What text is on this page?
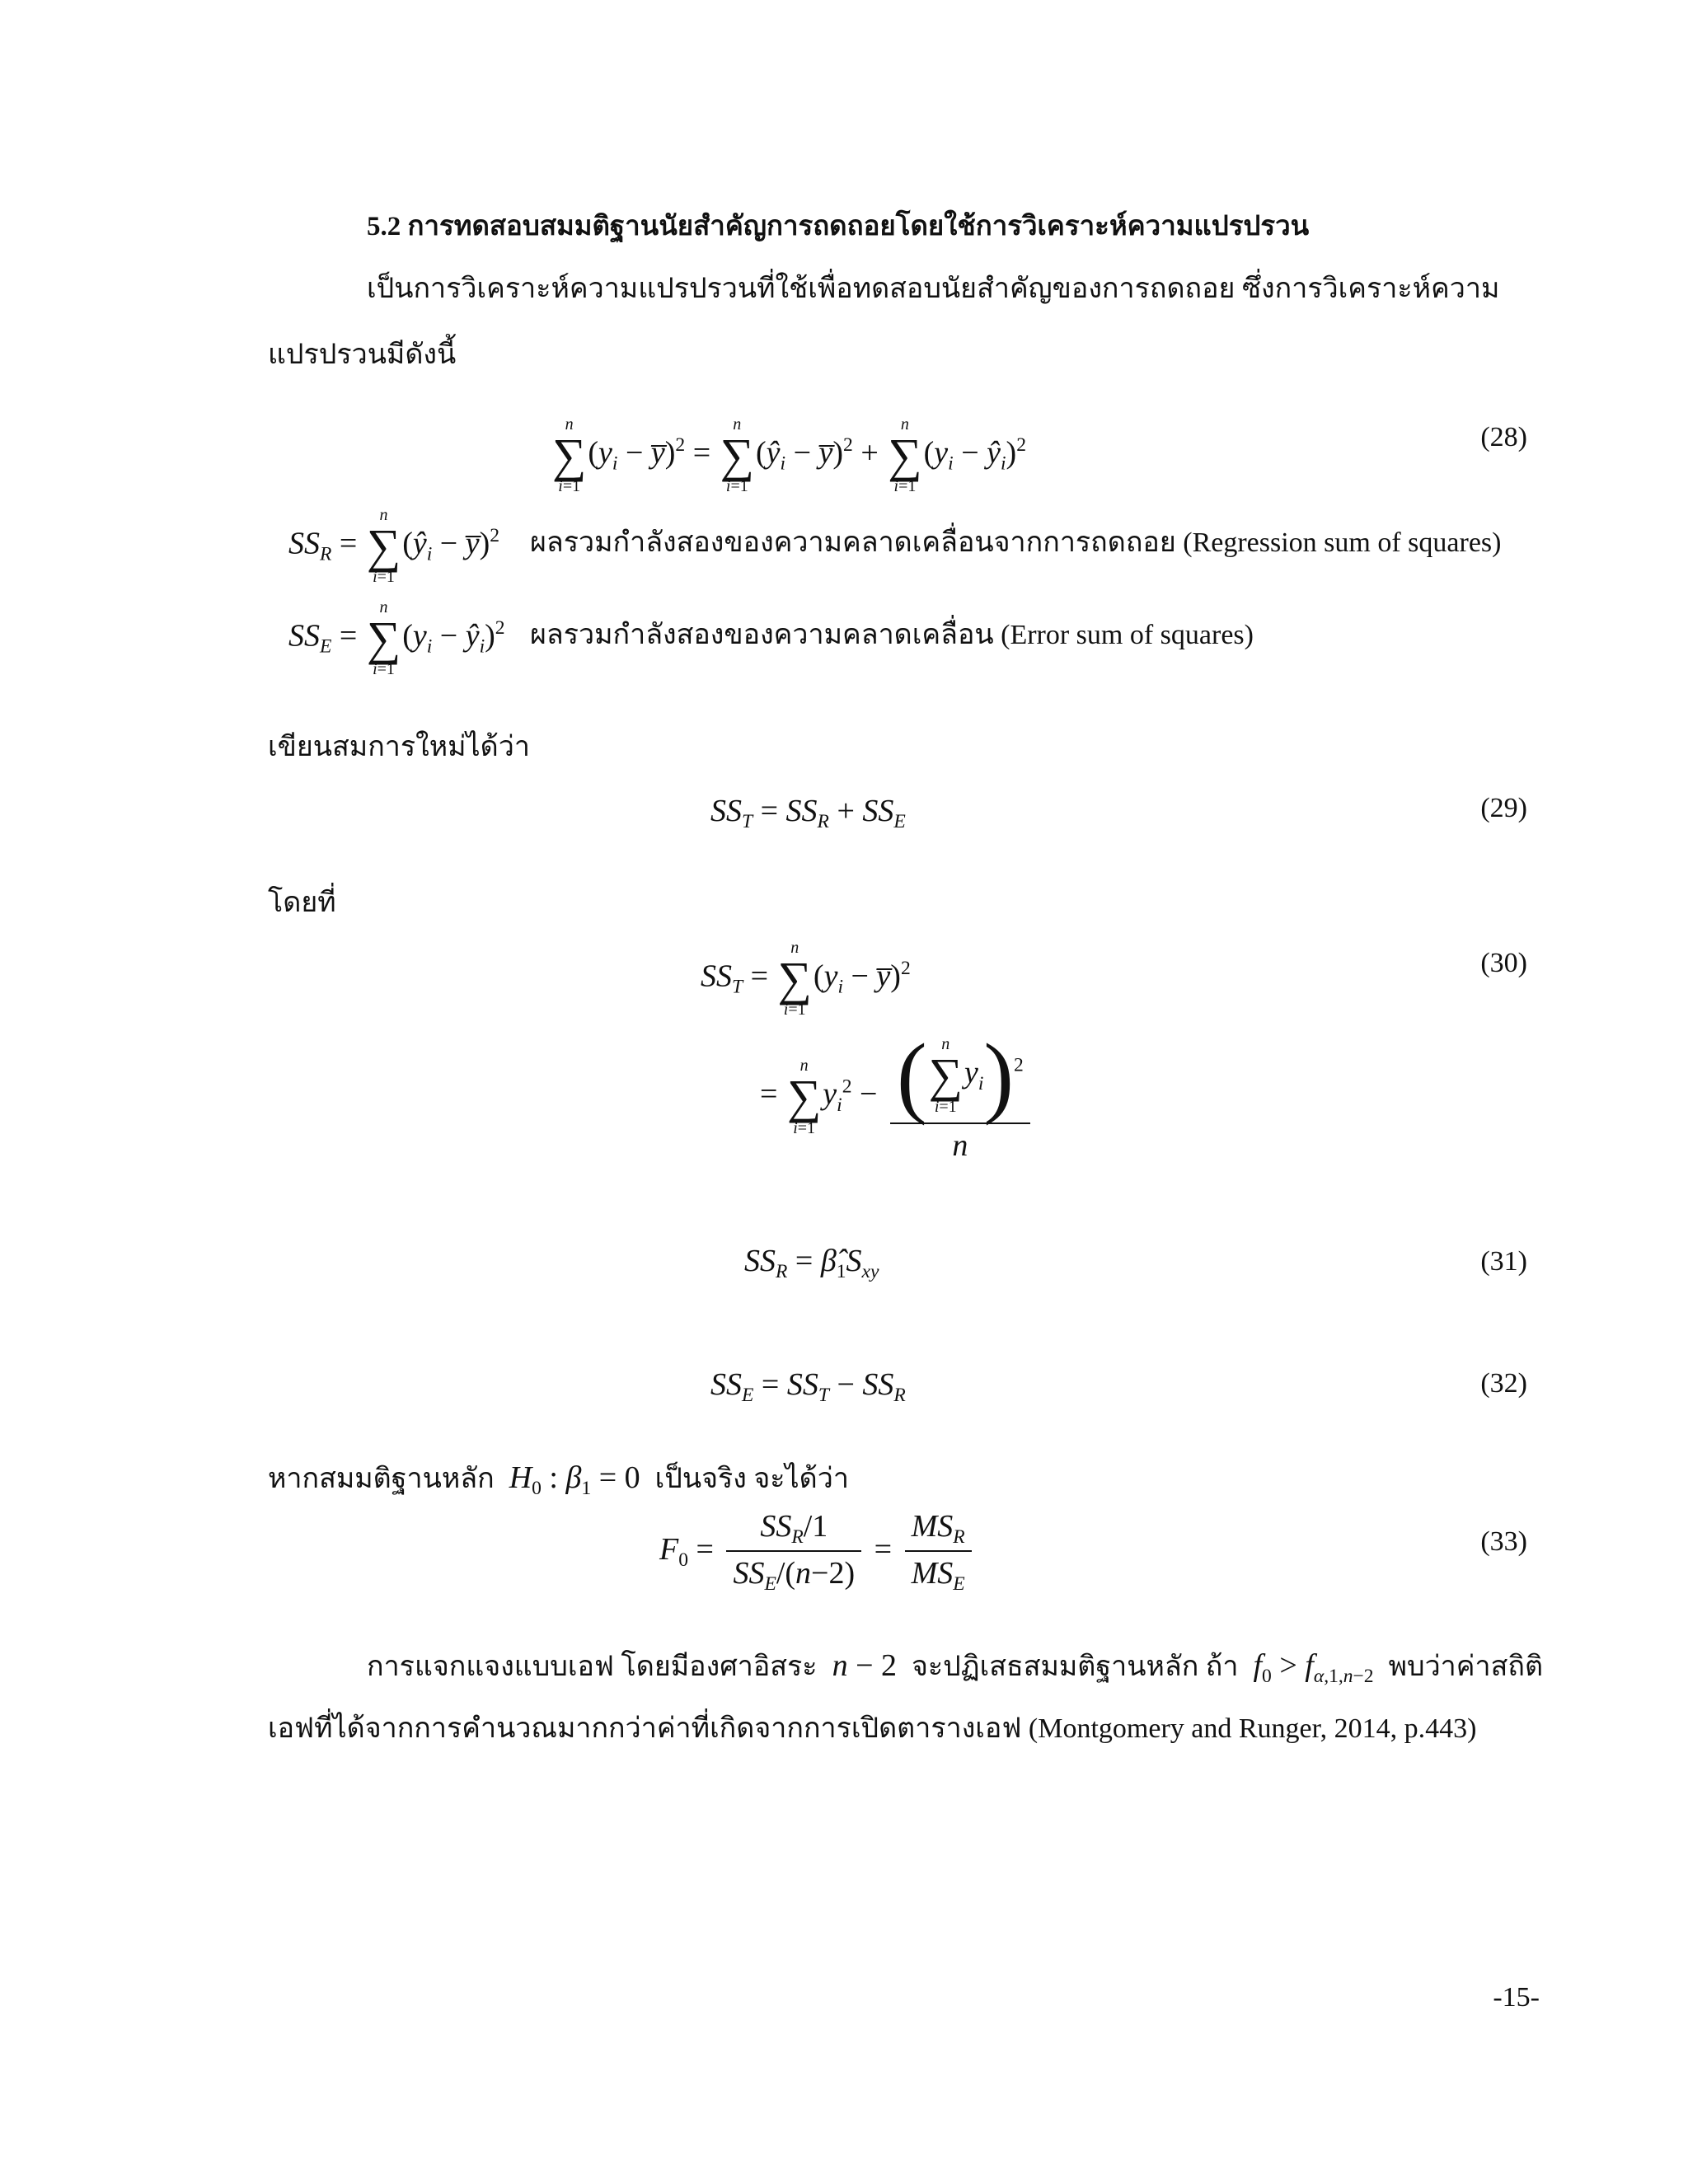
5.2 การทดสอบสมมติฐานนัยสำคัญการถดถอยโดยใช้การวิเคราะห์ความแปรปรวน
เป็นการวิเคราะห์ความแปรปรวนที่ใช้เพื่อทดสอบนัยสำคัญของการถดถอย ซึ่งการวิเคราะห์ความ
แปรปรวนมีดังนี้
n
∑
i=1
($y_i$ − y̅)$^2$ =
n
∑
i=1
($ŷ_i$ − y̅)$^2$ +
n
∑
i=1
($y_i$ − $ŷ_i)^2$	(28)
$SS_R$ =
n
∑
i=1
($ŷ_i$ − y̅)$^2$ ผลรวมกำลังสองของความคลาดเคลื่อนจากการถดถอย (Regression sum of squares)
$SS_E$ =
n
∑
i=1
($y_i$ − $ŷ_i)^2$ ผลรวมกำลังสองของความคลาดเคลื่อน (Error sum of squares)
เขียนสมการใหม่ได้ว่า
$SS_T = SS_R + SS_E$	(29)
โดยที่
$SS_T$ =
n
∑
i=1
($y_i$ − y̅)$^2$	(30)
=
n
∑
i=1
$y_i^2$ − ( n
∑
i=1
$y_i)^2$
n
$SS_R$ = $\betâ_1S_{xy}$	(31)
$SS_E = SS_T - SS_R$	(32)
หากสมมติฐานหลัก  $H_0$ : $\beta_1 = 0$ เป็นจริง จะได้ว่า
$F_0 = \frac{SS_R/1}{SS_E/(n-2)} = \frac{MS_R}{MS_E}$	(33)
การแจกแจงแบบเอฟ โดยมีองศาอิสระ  n − 2 จะปฏิเสธสมมติฐานหลัก ถ้า  $f_0 > f_{\alpha,1,n-2}$ พบว่าค่าสถิติ
เอฟที่ได้จากการคำนวณมากกว่าค่าที่เกิดจากการเปิดตารางเอฟ (Montgomery and Runger, 2014, p.443)
-15-
